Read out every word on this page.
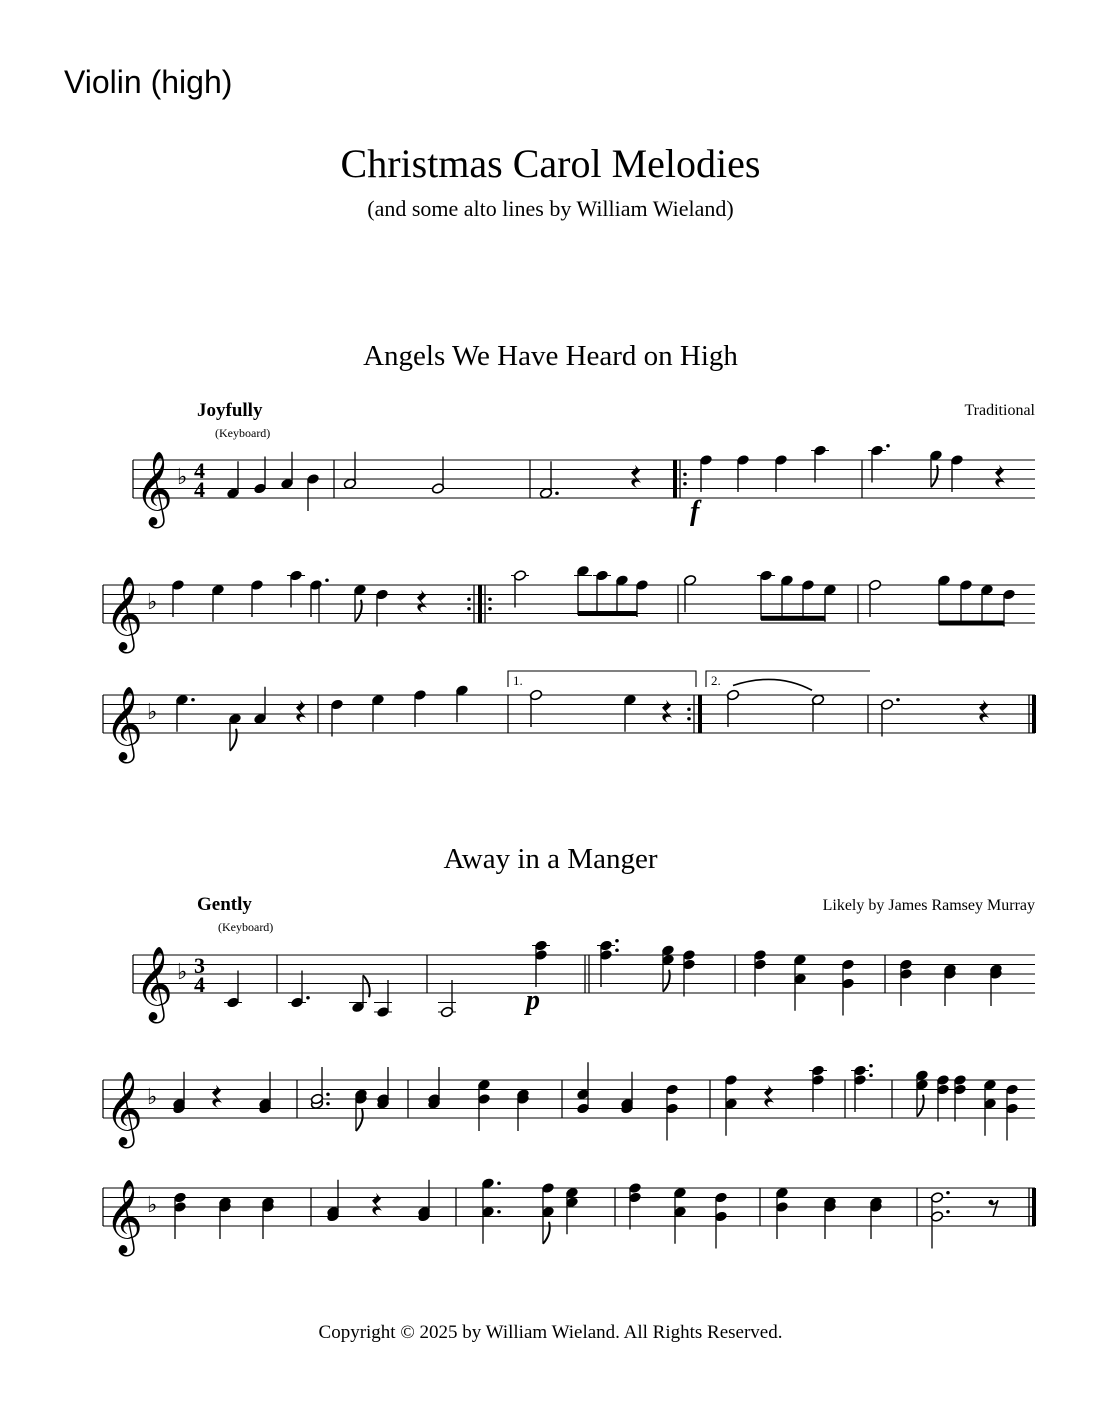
Violin (high)
Christmas Carol Melodies
(and some alto lines by William Wieland)
Angels We Have Heard on High
Joyfully
(Keyboard)
Traditional
𝄞 ♭ 4
4
f
𝄞 ♭
𝄞 ♭
1.	2.
Away in a Manger
Gently
(Keyboard)
Likely by James Ramsey Murray
𝄞 ♭ 3
4
p
𝄞 ♭
𝄞 ♭
Copyright © 2025 by William Wieland. All Rights Reserved.
